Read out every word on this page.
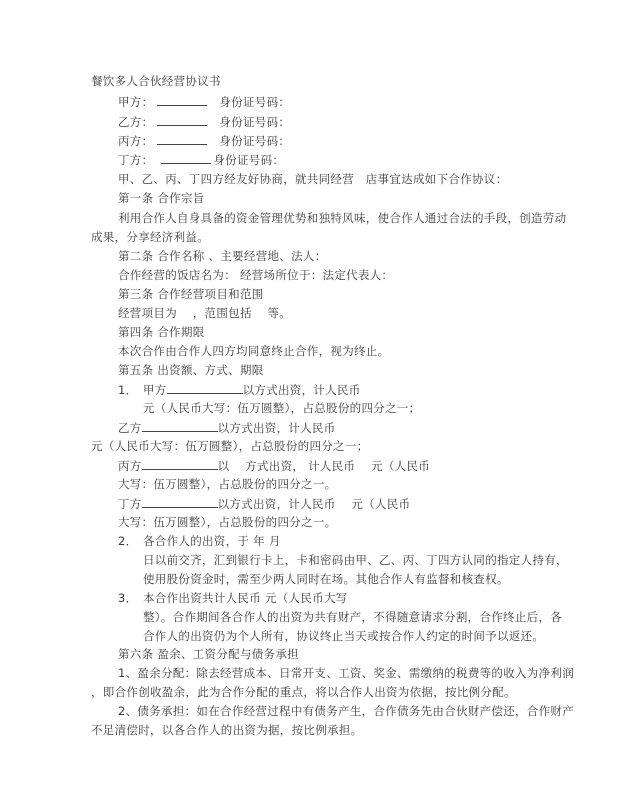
餐饮多人合伙经营协议书
甲方：	身份证号码：
乙方：	身份证号码：
丙方：	身份证号码：
丁方：	身份证号码：
甲、乙、丙、丁四方经友好协商，就共同经营　店事宜达成如下合作协议：
第一条 合作宗旨
利用合作人自身具备的资金管理优势和独特风味，使合作人通过合法的手段，创造劳动
成果，分享经济利益。
第二条 合作名称 、主要经营地、法人：
合作经营的饭店名为： 经营场所位于：法定代表人：
第三条 合作经营项目和范围
经营项目为　 ，范围包括　 等。
第四条 合作期限
本次合作由合作人四方均同意终止合作，视为终止。
第五条 出资额、方式、期限
1． 甲方	以方式出资，计人民币
元（人民币大写：伍万圆整），占总股份的四分之一；
乙方	以方式出资，计人民币
元（人民币大写：伍万圆整），占总股份的四分之一；
丙方	以　 方式出资， 计人民币　 元（人民币
大写：伍万圆整），占总股份的四分之一。
丁方	以方式出资，计人民币　 元（人民币
大写：伍万圆整），占总股份的四分之一。
2． 各合作人的出资，于 年 月
日以前交齐，汇到银行卡上，卡和密码由甲、乙、丙、丁四方认同的指定人持有，
使用股份资金时，需至少两人同时在场。其他合作人有监督和核查权。
3． 本合作出资共计人民币 元（人民币大写
整）。合作期间各合作人的出资为共有财产，不得随意请求分割，合作终止后，各
合作人的出资仍为个人所有，协议终止当天或按合作人约定的时间予以返还。
第六条 盈余、工资分配与债务承担
1、盈余分配：除去经营成本、日常开支、工资、奖金、需缴纳的税费等的收入为净利润
，即合作创收盈余，此为合作分配的重点，将以合作人出资为依据，按比例分配。
2、债务承担：如在合作经营过程中有债务产生，合作债务先由合伙财产偿还，合作财产
不足清偿时，以各合作人的出资为据，按比例承担。
